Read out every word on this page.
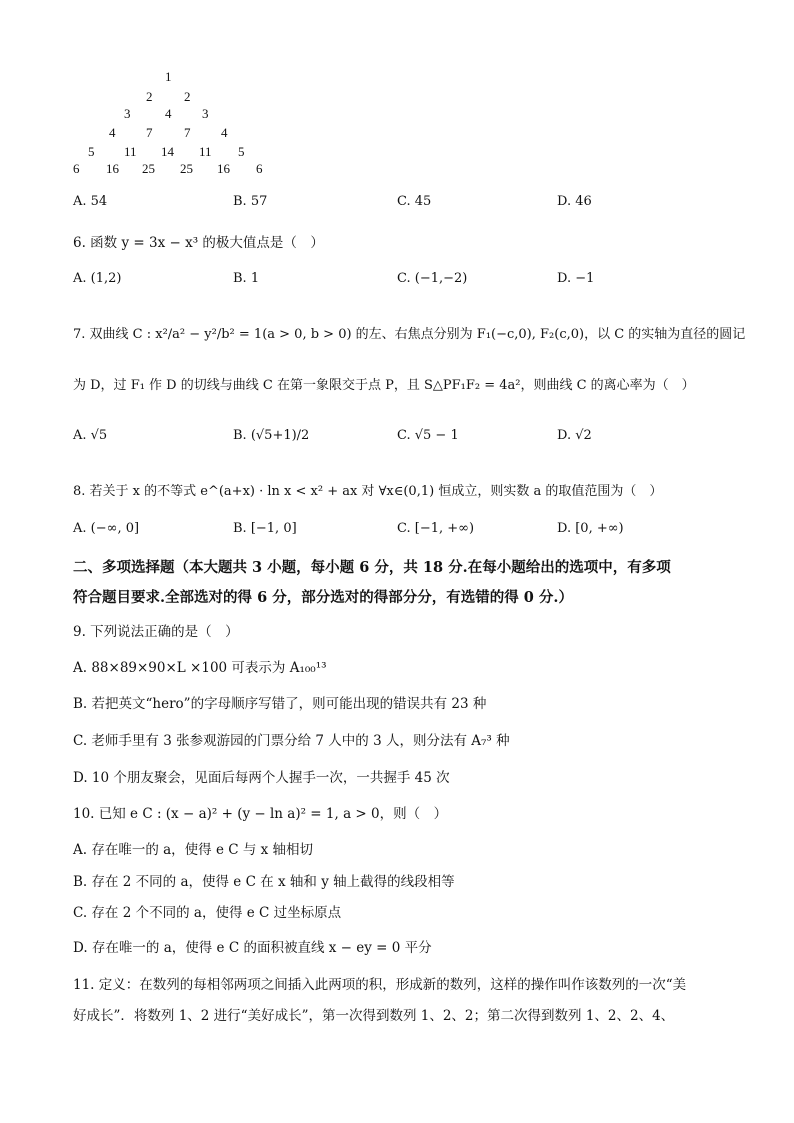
1
2 2
3	4 3
4 7 7 4
5 11 14 11 5
6 16 25 25 16 6
A. 54	B. 57	C. 45	D. 46
6. 函数 y = 3x − x³ 的极大值点是（　）
A. (1,2)	B. 1	C. (−1,−2)	D. −1
7. 双曲线 C : x²/a² − y²/b² = 1(a > 0, b > 0) 的左、右焦点分别为 F₁(−c,0), F₂(c,0)，以 C 的实轴为直径的圆记
为 D，过 F₁ 作 D 的切线与曲线 C 在第一象限交于点 P，且 S△PF₁F₂ = 4a²，则曲线 C 的离心率为（　）
A. √5	B. (√5+1)/2	C. √5 − 1	D. √2
8. 若关于 x 的不等式 e^(a+x) · ln x < x² + ax 对 ∀x∈(0,1) 恒成立，则实数 a 的取值范围为（　）
A. (−∞, 0]	B. [−1, 0]	C. [−1, +∞)	D. [0, +∞)
二、多项选择题（本大题共 3 小题，每小题 6 分，共 18 分.在每小题给出的选项中，有多项
符合题目要求.全部选对的得 6 分，部分选对的得部分分，有选错的得 0 分.）
9. 下列说法正确的是（　）
A. 88×89×90×L ×100 可表示为 A₁₀₀¹³
B. 若把英文“hero”的字母顺序写错了，则可能出现的错误共有 23 种
C. 老师手里有 3 张参观游园的门票分给 7 人中的 3 人，则分法有 A₇³ 种
D. 10 个朋友聚会，见面后每两个人握手一次，一共握手 45 次
10. 已知 e C : (x − a)² + (y − ln a)² = 1, a > 0，则（　）
A. 存在唯一的 a，使得 e C 与 x 轴相切
B. 存在 2 不同的 a，使得 e C 在 x 轴和 y 轴上截得的线段相等
C. 存在 2 个不同的 a，使得 e C 过坐标原点
D. 存在唯一的 a，使得 e C 的面积被直线 x − ey = 0 平分
11. 定义：在数列的每相邻两项之间插入此两项的积，形成新的数列，这样的操作叫作该数列的一次“美
好成长”．将数列 1、2 进行“美好成长”，第一次得到数列 1、2、2；第二次得到数列 1、2、2、4、
